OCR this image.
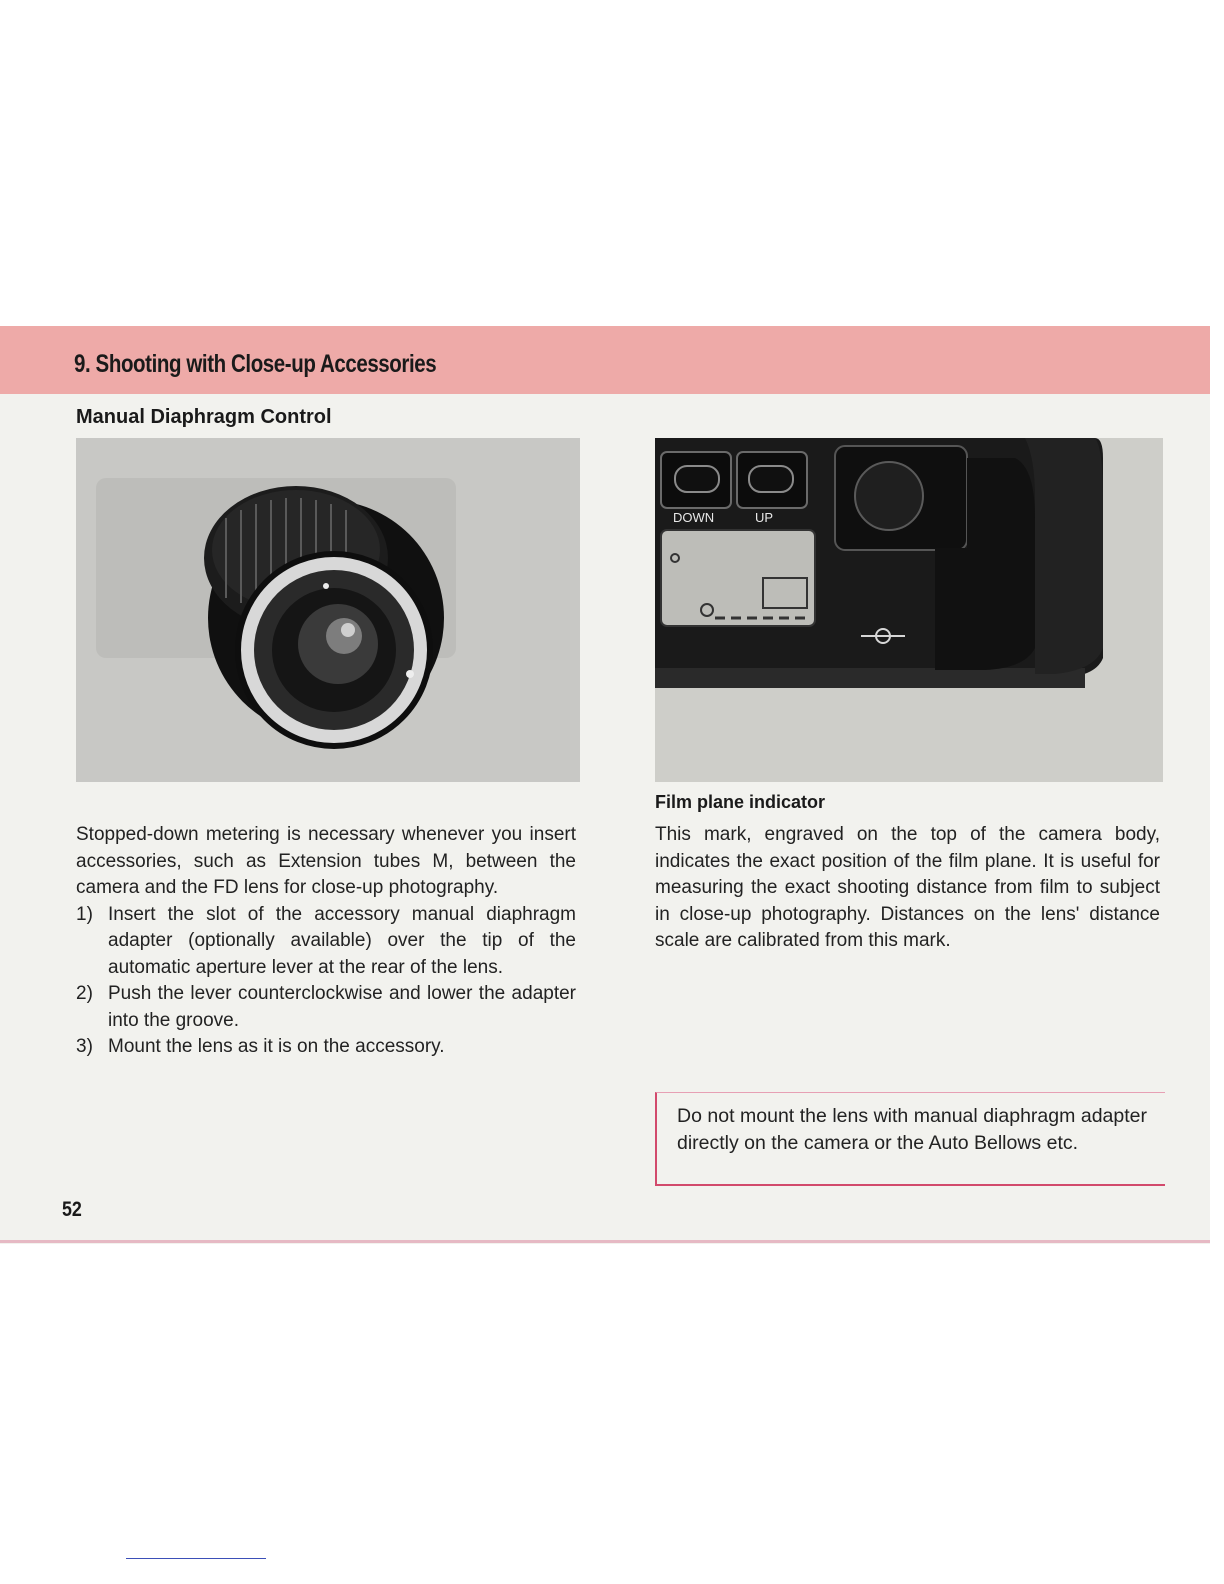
9. Shooting with Close-up Accessories
Manual Diaphragm Control
DOWN	UP
Film plane indicator

Stopped-down metering is necessary whenever you insert accessories, such as Extension tubes M, between the camera and the FD lens for close-up photography.

1) Insert the slot of the accessory manual diaphragm adapter (optionally available) over the tip of the automatic aperture lever at the rear of the lens.
2) Push the lever counterclockwise and lower the adapter into the groove.
3) Mount the lens as it is on the accessory.

This mark, engraved on the top of the camera body, indicates the exact position of the film plane. It is useful for measuring the exact shooting distance from film to subject in close-up photography. Distances on the lens' distance scale are calibrated from this mark.

Do not mount the lens with manual diaphragm adapter directly on the camera or the Auto Bellows etc.
52
